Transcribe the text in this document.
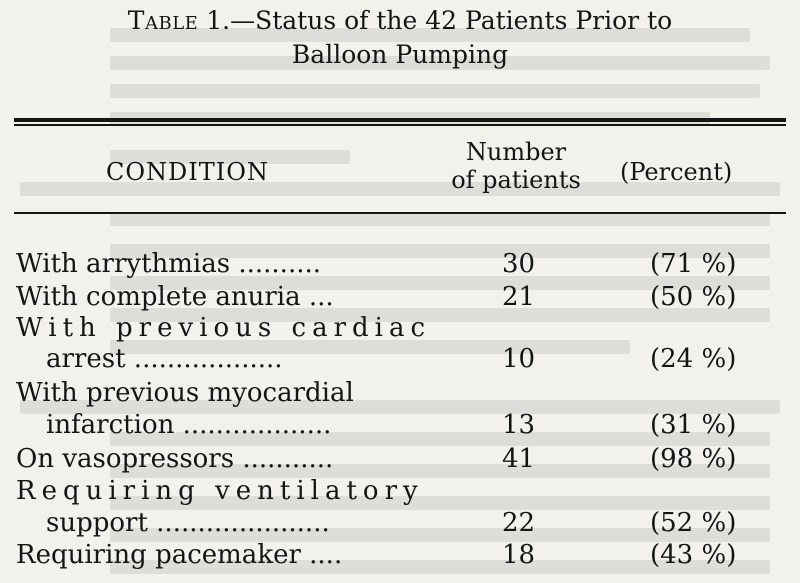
Table 1.—Status of the 42 Patients Prior to
Balloon Pumping
CONDITION
Number
of patients	(Percent)
With arrythmias ..........	30	(71 %)
With complete anuria ...	21	(50 %)
With previous cardiac
arrest ..................	10	(24 %)
With previous myocardial
infarction ..................	13	(31 %)
On vasopressors ...........	41	(98 %)
Requiring ventilatory
support .....................	22	(52 %)
Requiring pacemaker ....	18	(43 %)
